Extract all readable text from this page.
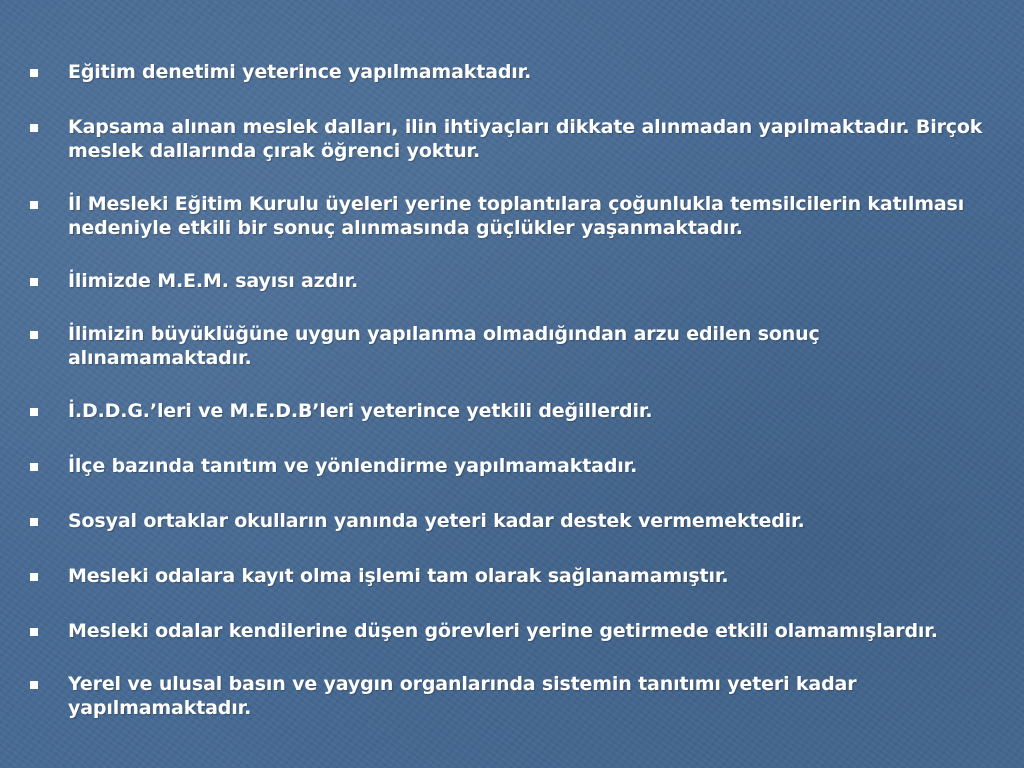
Eğitim denetimi yeterince yapılmamaktadır.
Kapsama alınan meslek dalları, ilin ihtiyaçları dikkate alınmadan yapılmaktadır. Birçok meslek dallarında çırak öğrenci yoktur.
İl Mesleki Eğitim Kurulu üyeleri yerine toplantılara çoğunlukla temsilcilerin katılması nedeniyle etkili bir sonuç alınmasında güçlükler yaşanmaktadır.
İlimizde M.E.M. sayısı azdır.
İlimizin büyüklüğüne uygun yapılanma olmadığından arzu edilen sonuç alınamamaktadır.
İ.D.D.G.’leri ve M.E.D.B’leri yeterince yetkili değillerdir.
İlçe bazında tanıtım ve yönlendirme yapılmamaktadır.
Sosyal ortaklar okulların yanında yeteri kadar destek vermemektedir.
Mesleki odalara kayıt olma işlemi tam olarak sağlanamamıştır.
Mesleki odalar kendilerine düşen görevleri yerine getirmede etkili olamamışlardır.
Yerel ve ulusal basın ve yaygın organlarında sistemin tanıtımı yeteri kadar yapılmamaktadır.
